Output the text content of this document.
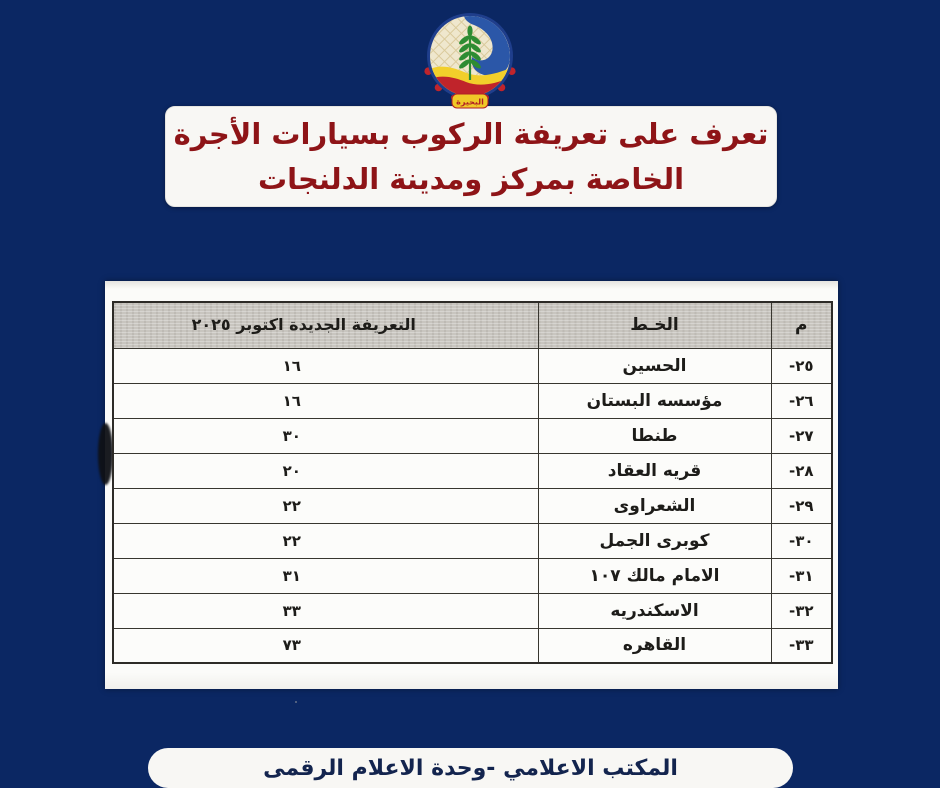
البحيرة
تعرف على تعريفة الركوب بسيارات الأجرة
الخاصة بمركز ومدينة الدلنجات
م	الخـط	التعريفة الجديدة اكتوبر ٢٠٢٥
٢٥-	الحسين	١٦
٢٦-	مؤسسه البستان	١٦
٢٧-	طنطا	٣٠
٢٨-	قريه العقاد	٢٠
٢٩-	الشعراوى	٢٢
٣٠-	كوبرى الجمل	٢٢
٣١-	الامام مالك ١٠٧	٣١
٣٢-	الاسكندريه	٣٣
٣٣-	القاهره	٧٣
المكتب الاعلامي -وحدة الاعلام الرقمى
